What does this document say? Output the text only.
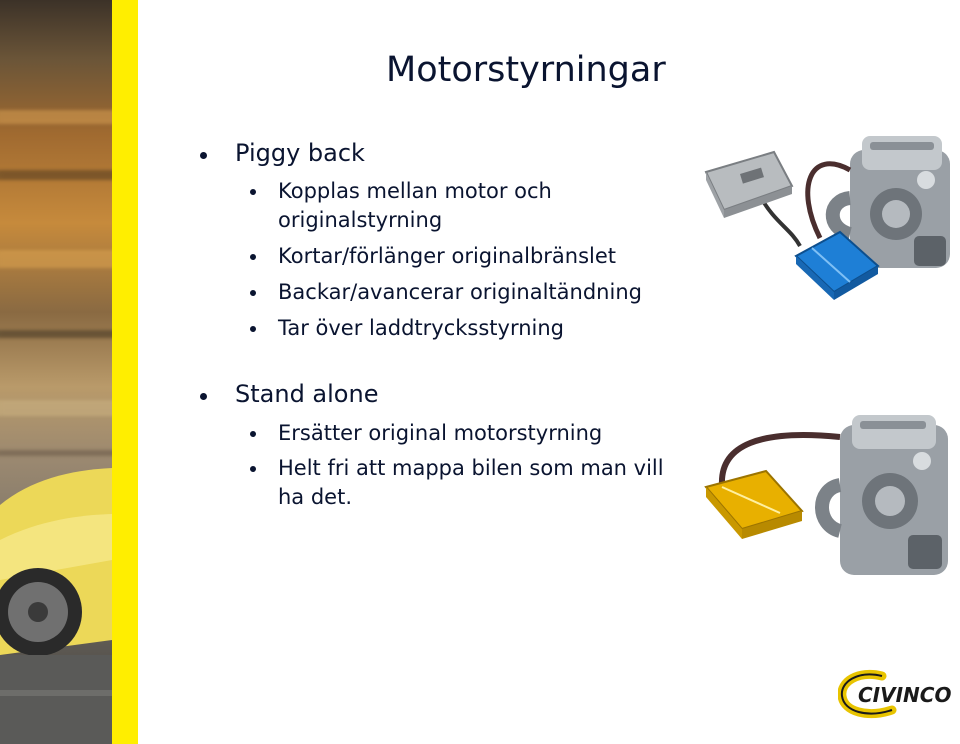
Motorstyrningar
Piggy back
Kopplas mellan motor och originalstyrning
Kortar/förlänger originalbränslet
Backar/avancerar originaltändning
Tar över laddtrycksstyrning
Stand alone
Ersätter original motorstyrning
Helt fri att mappa bilen som man vill ha det.
CIVINCO
